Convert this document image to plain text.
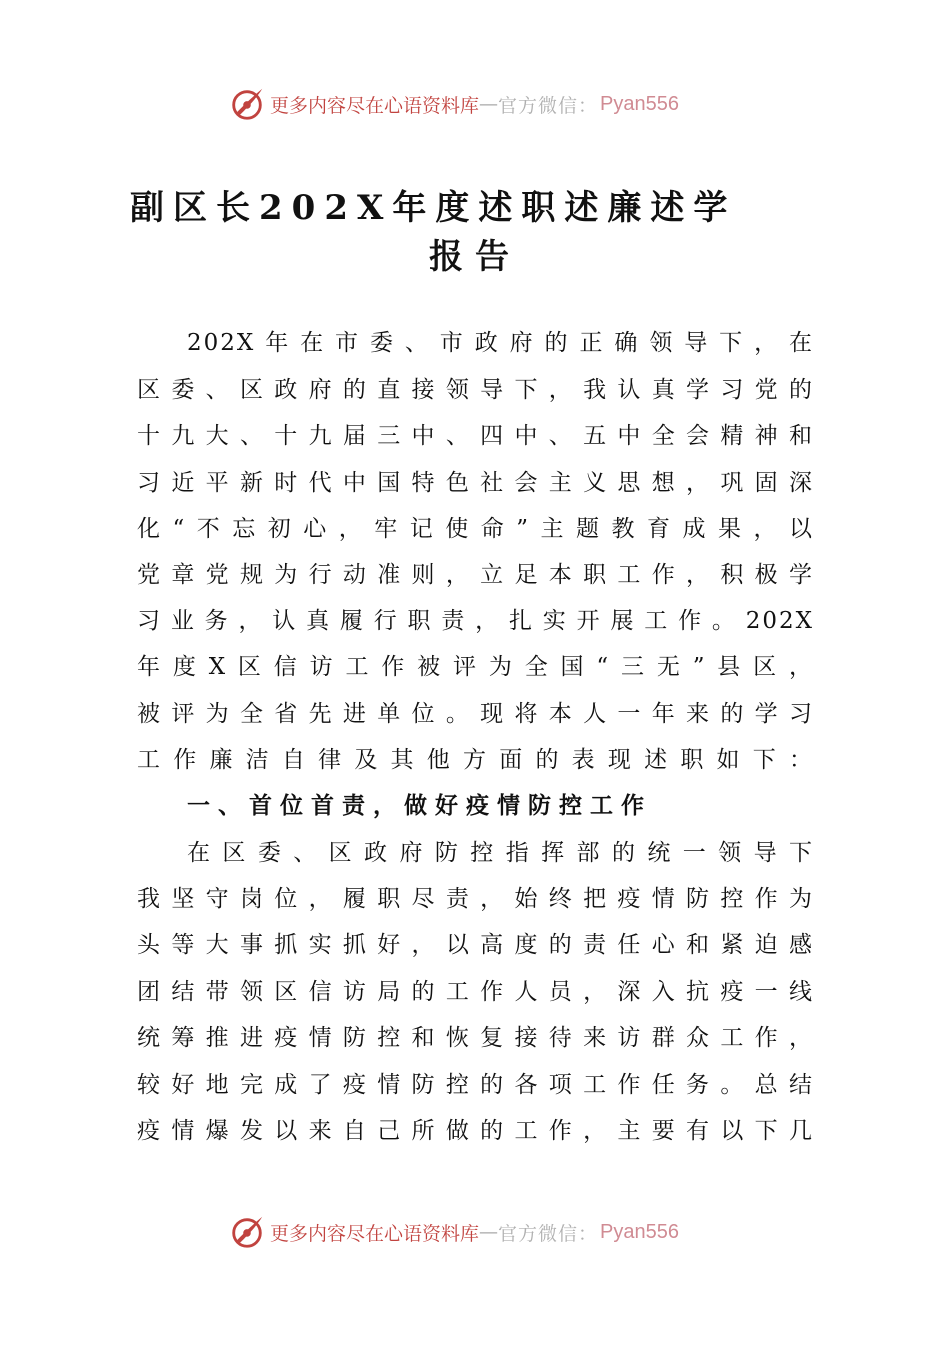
更多内容尽在心语资料库 — 官方微信： Pyan556
副区长202X年度述职述廉述学
报告
202X年在市委、市政府的正确领导下，在
区委、区政府的直接领导下，我认真学习党的
十九大、十九届三中、四中、五中全会精神和
习近平新时代中国特色社会主义思想，巩固深
化“不忘初心，牢记使命”主题教育成果，以
党章党规为行动准则，立足本职工作，积极学
习业务，认真履行职责，扎实开展工作。202X
年度X区信访工作被评为全国“三无”县区，
被评为全省先进单位。现将本人一年来的学习
工作廉洁自律及其他方面的表现述职如下：
一、首位首责，做好疫情防控工作
在区委、区政府防控指挥部的统一领导下
我坚守岗位，履职尽责，始终把疫情防控作为
头等大事抓实抓好，以高度的责任心和紧迫感
团结带领区信访局的工作人员，深入抗疫一线
统筹推进疫情防控和恢复接待来访群众工作，
较好地完成了疫情防控的各项工作任务。总结
疫情爆发以来自己所做的工作，主要有以下几
更多内容尽在心语资料库 — 官方微信： Pyan556
